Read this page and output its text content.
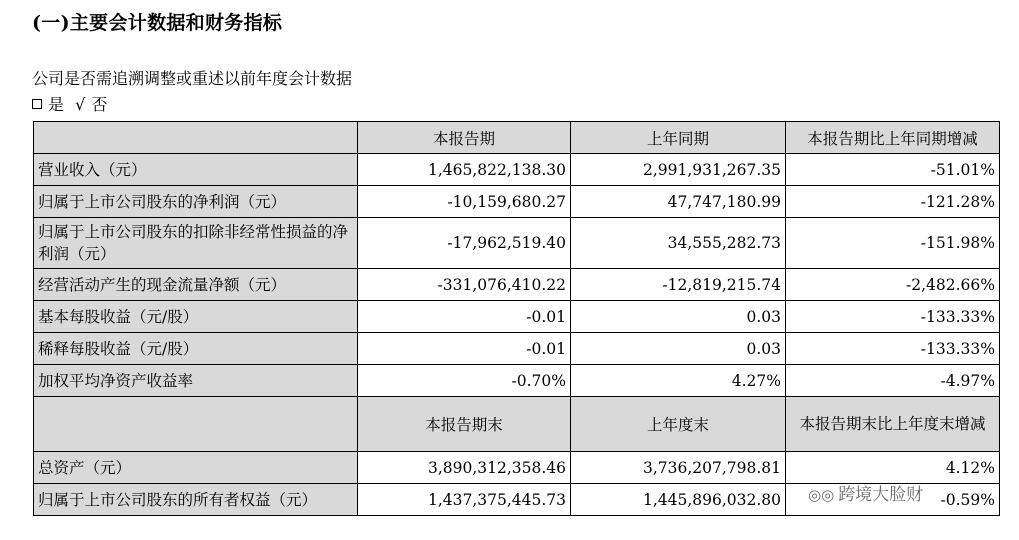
(一)主要会计数据和财务指标
公司是否需追溯调整或重述以前年度会计数据
是 √ 否
	本报告期	上年同期	本报告期比上年同期增减
营业收入（元）	1,465,822,138.30	2,991,931,267.35	-51.01%
归属于上市公司股东的净利润（元）	-10,159,680.27	47,747,180.99	-121.28%
归属于上市公司股东的扣除非经常性损益的净利润（元）	-17,962,519.40	34,555,282.73	-151.98%
经营活动产生的现金流量净额（元）	-331,076,410.22	-12,819,215.74	-2,482.66%
基本每股收益（元/股）	-0.01	0.03	-133.33%
稀释每股收益（元/股）	-0.01	0.03	-133.33%
加权平均净资产收益率	-0.70%	4.27%	-4.97%
	本报告期末	上年度末	本报告期末比上年度末增减
总资产（元）	3,890,312,358.46	3,736,207,798.81	4.12%
归属于上市公司股东的所有者权益（元）	1,437,375,445.73	1,445,896,032.80	-0.59%
◎◎ 跨境大脸财
